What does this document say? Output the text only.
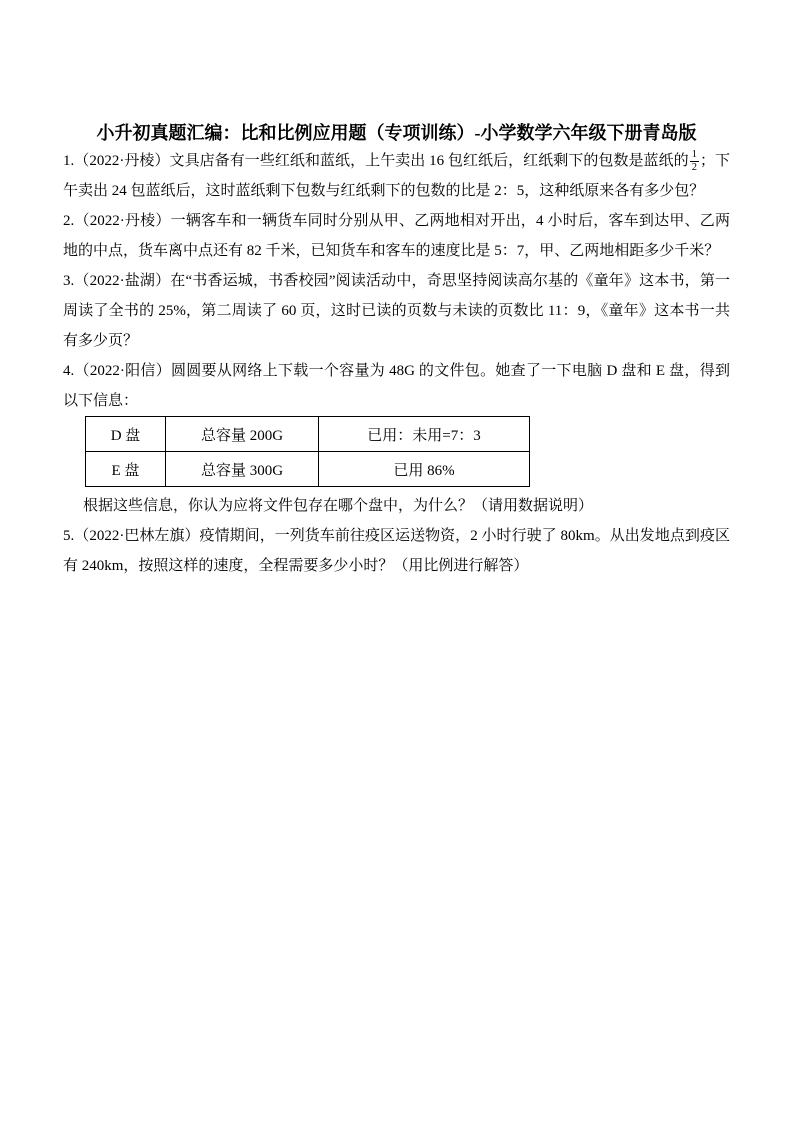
小升初真题汇编：比和比例应用题（专项训练）-小学数学六年级下册青岛版

1.（2022·丹棱）文具店备有一些红纸和蓝纸，上午卖出 16 包红纸后，红纸剩下的包数是蓝纸的 $\frac{1}{2}$ ；下午卖出 24 包蓝纸后，这时蓝纸剩下包数与红纸剩下的包数的比是 2：5，这种纸原来各有多少包？

2.（2022·丹棱）一辆客车和一辆货车同时分别从甲、乙两地相对开出，4 小时后，客车到达甲、乙两地的中点，货车离中点还有 82 千米，已知货车和客车的速度比是 5：7，甲、乙两地相距多少千米？

3.（2022·盐湖）在“书香运城，书香校园”阅读活动中，奇思坚持阅读高尔基的《童年》这本书，第一周读了全书的 25%，第二周读了 60 页，这时已读的页数与未读的页数比 11：9，《童年》这本书一共有多少页？

4.（2022·阳信）圆圆要从网络上下载一个容量为 48G 的文件包。她查了一下电脑 D 盘和 E 盘，得到以下信息：

D 盘	总容量 200G	已用：未用=7：3
E 盘	总容量 300G	已用 86%

根据这些信息，你认为应将文件包存在哪个盘中，为什么？（请用数据说明）

5.（2022·巴林左旗）疫情期间，一列货车前往疫区运送物资，2 小时行驶了 80km。从出发地点到疫区有 240km，按照这样的速度，全程需要多少小时？（用比例进行解答）
